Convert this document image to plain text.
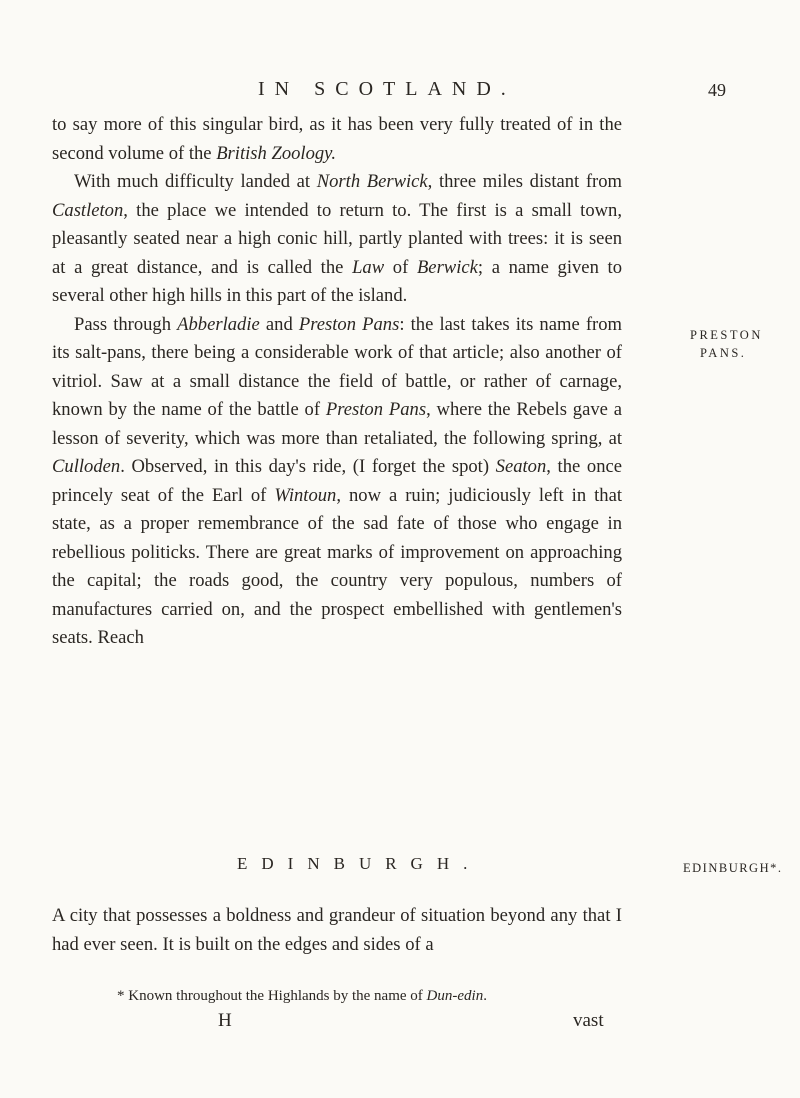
IN SCOTLAND.	49

to say more of this singular bird, as it has been very fully treated of in the second volume of the British Zoology.

With much difficulty landed at North Berwick, three miles distant from Castleton, the place we intended to return to. The first is a small town, pleasantly seated near a high conic hill, partly planted with trees: it is seen at a great distance, and is called the Law of Berwick; a name given to several other high hills in this part of the island.

Pass through Abberladie and Preston Pans: the last takes its name from its salt-pans, there being a considerable work of that article; also another of vitriol. Saw at a small distance the field of battle, or rather of carnage, known by the name of the battle of Preston Pans, where the Rebels gave a lesson of severity, which was more than retaliated, the following spring, at Culloden. Observed, in this day's ride, (I forget the spot) Seaton, the once princely seat of the Earl of Wintoun, now a ruin; judiciously left in that state, as a proper remembrance of the sad fate of those who engage in rebellious politicks. There are great marks of improvement on approaching the capital; the roads good, the country very populous, numbers of manufactures carried on, and the prospect embellished with gentlemen's seats. Reach

PRESTON
PANS.
EDINBURGH.	EDINBURGH*.

A city that possesses a boldness and grandeur of situation beyond any that I had ever seen. It is built on the edges and sides of a

* Known throughout the Highlands by the name of Dun-edin.
H	vast
